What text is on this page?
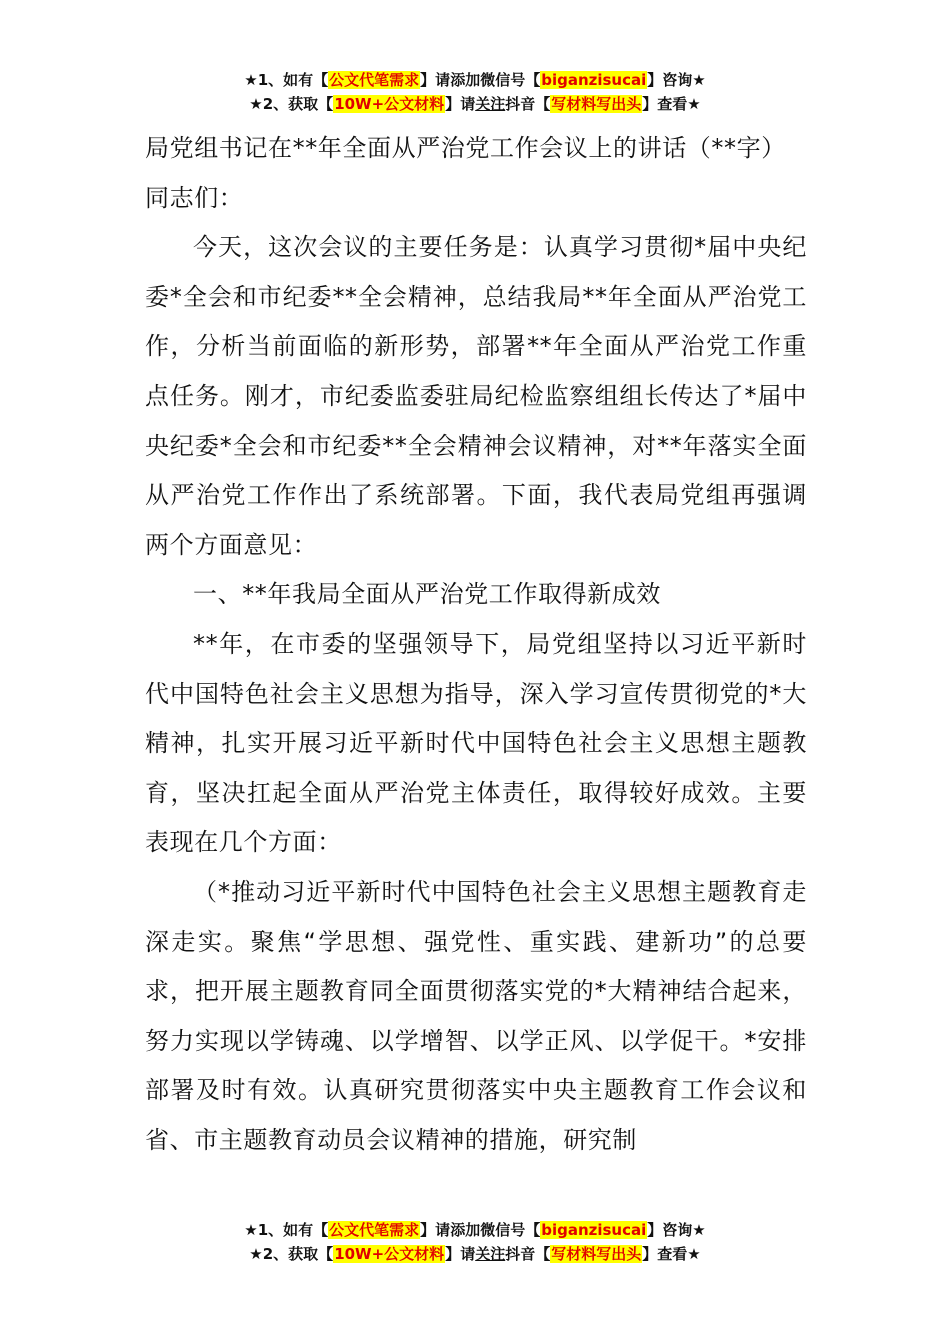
★1、如有【公文代笔需求】请添加微信号【biganzisucai】咨询★
★2、获取【10W+公文材料】请关注抖音【写材料写出头】查看★

局党组书记在**年全面从严治党工作会议上的讲话（**字）

同志们：

今天，这次会议的主要任务是：认真学习贯彻*届中央纪委*全会和市纪委**全会精神，总结我局**年全面从严治党工作，分析当前面临的新形势，部署**年全面从严治党工作重点任务。刚才，市纪委监委驻局纪检监察组组长传达了*届中央纪委*全会和市纪委**全会精神会议精神，对**年落实全面从严治党工作作出了系统部署。下面，我代表局党组再强调两个方面意见：

一、**年我局全面从严治党工作取得新成效

**年，在市委的坚强领导下，局党组坚持以习近平新时代中国特色社会主义思想为指导，深入学习宣传贯彻党的*大精神，扎实开展习近平新时代中国特色社会主义思想主题教育，坚决扛起全面从严治党主体责任，取得较好成效。主要表现在几个方面：

（*推动习近平新时代中国特色社会主义思想主题教育走深走实。聚焦“学思想、强党性、重实践、建新功”的总要求，把开展主题教育同全面贯彻落实党的*大精神结合起来，努力实现以学铸魂、以学增智、以学正风、以学促干。*安排部署及时有效。认真研究贯彻落实中央主题教育工作会议和省、市主题教育动员会议精神的措施，研究制

★1、如有【公文代笔需求】请添加微信号【biganzisucai】咨询★
★2、获取【10W+公文材料】请关注抖音【写材料写出头】查看★
